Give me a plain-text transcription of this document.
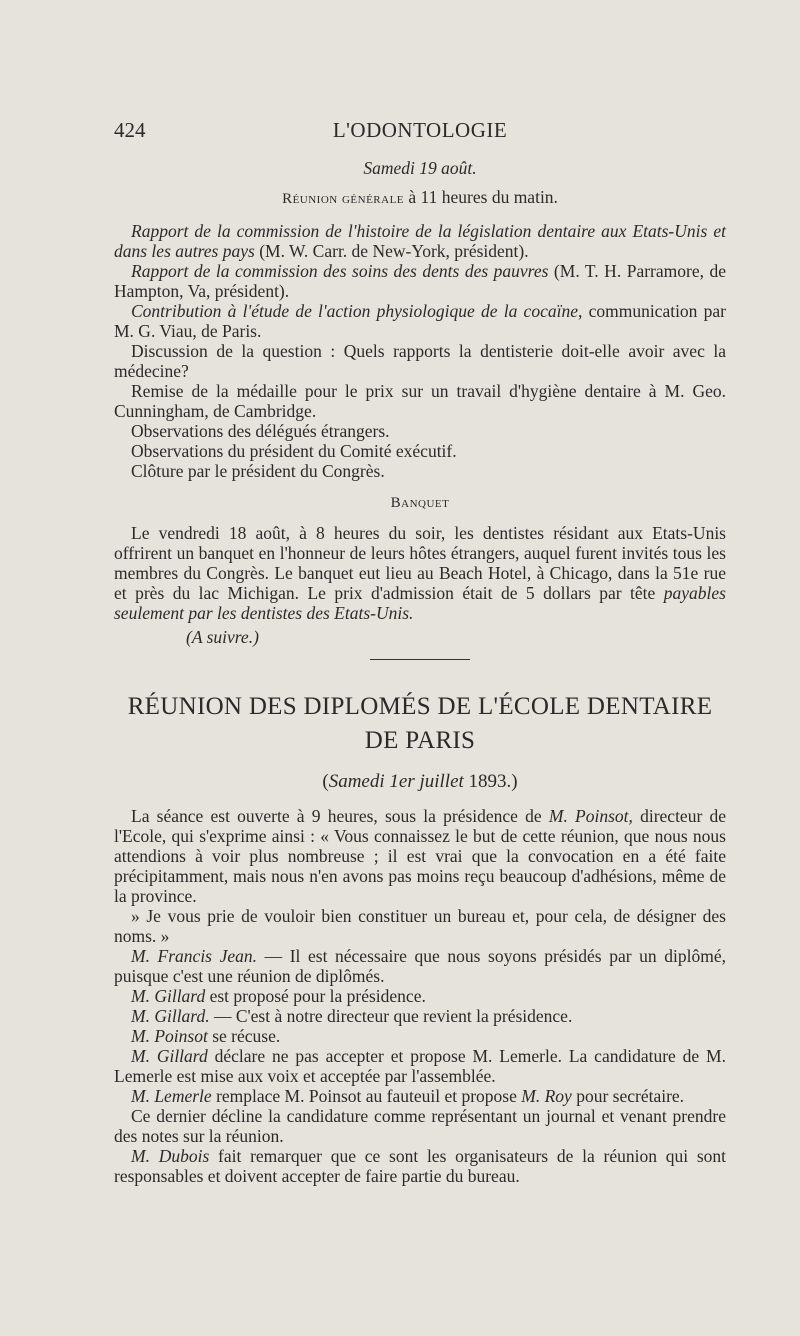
424	L'ODONTOLOGIE
Samedi 19 août.
Réunion générale à 11 heures du matin.
Rapport de la commission de l'histoire de la législation dentaire aux Etats-Unis et dans les autres pays (M. W. Carr. de New-York, président).
Rapport de la commission des soins des dents des pauvres (M. T. H. Parramore, de Hampton, Va, président).
Contribution à l'étude de l'action physiologique de la cocaïne, communication par M. G. Viau, de Paris.
Discussion de la question : Quels rapports la dentisterie doit-elle avoir avec la médecine?
Remise de la médaille pour le prix sur un travail d'hygiène dentaire à M. Geo. Cunningham, de Cambridge.
Observations des délégués étrangers.
Observations du président du Comité exécutif.
Clôture par le président du Congrès.
Banquet
Le vendredi 18 août, à 8 heures du soir, les dentistes résidant aux Etats-Unis offrirent un banquet en l'honneur de leurs hôtes étrangers, auquel furent invités tous les membres du Congrès. Le banquet eut lieu au Beach Hotel, à Chicago, dans la 51e rue et près du lac Michigan. Le prix d'admission était de 5 dollars par tête payables seulement par les dentistes des Etats-Unis.
(A suivre.)
RÉUNION DES DIPLOMÉS DE L'ÉCOLE DENTAIRE
DE PARIS
(Samedi 1er juillet 1893.)
La séance est ouverte à 9 heures, sous la présidence de M. Poinsot, directeur de l'Ecole, qui s'exprime ainsi : « Vous connaissez le but de cette réunion, que nous nous attendions à voir plus nombreuse ; il est vrai que la convocation en a été faite précipitamment, mais nous n'en avons pas moins reçu beaucoup d'adhésions, même de la province.
» Je vous prie de vouloir bien constituer un bureau et, pour cela, de désigner des noms. »
M. Francis Jean. — Il est nécessaire que nous soyons présidés par un diplômé, puisque c'est une réunion de diplômés.
M. Gillard est proposé pour la présidence.
M. Gillard. — C'est à notre directeur que revient la présidence.
M. Poinsot se récuse.
M. Gillard déclare ne pas accepter et propose M. Lemerle. La candidature de M. Lemerle est mise aux voix et acceptée par l'assemblée.
M. Lemerle remplace M. Poinsot au fauteuil et propose M. Roy pour secrétaire.
Ce dernier décline la candidature comme représentant un journal et venant prendre des notes sur la réunion.
M. Dubois fait remarquer que ce sont les organisateurs de la réunion qui sont responsables et doivent accepter de faire partie du bureau.
